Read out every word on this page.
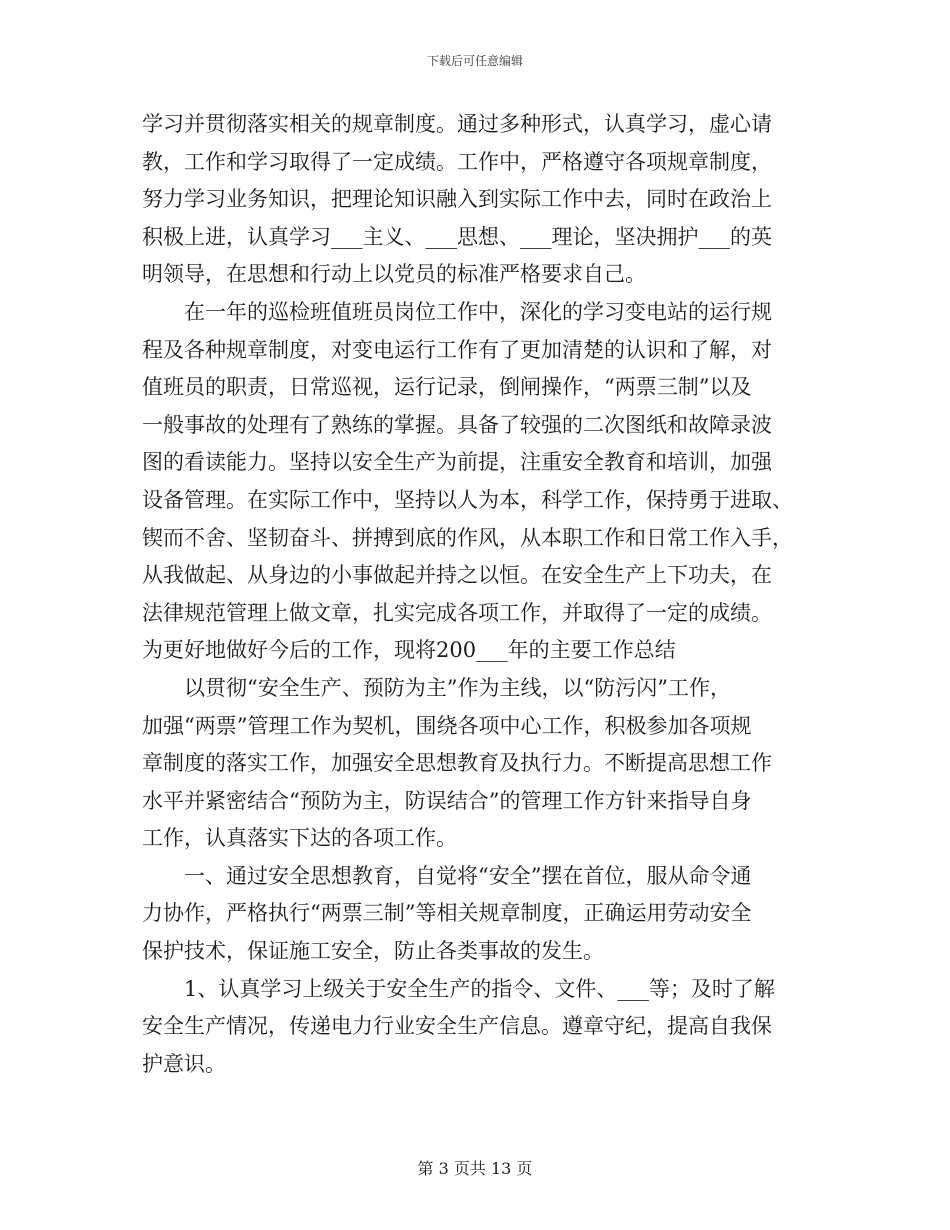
下载后可任意编辑

学习并贯彻落实相关的规章制度。通过多种形式，认真学习，虚心请
教，工作和学习取得了一定成绩。工作中，严格遵守各项规章制度，
努力学习业务知识，把理论知识融入到实际工作中去，同时在政治上
积极上进，认真学习___主义、___思想、___理论，坚决拥护___的英
明领导，在思想和行动上以党员的标准严格要求自己。

在一年的巡检班值班员岗位工作中，深化的学习变电站的运行规
程及各种规章制度，对变电运行工作有了更加清楚的认识和了解，对
值班员的职责，日常巡视，运行记录，倒闸操作，“两票三制”以及
一般事故的处理有了熟练的掌握。具备了较强的二次图纸和故障录波
图的看读能力。坚持以安全生产为前提，注重安全教育和培训，加强
设备管理。在实际工作中，坚持以人为本，科学工作，保持勇于进取、
锲而不舍、坚韧奋斗、拼搏到底的作风，从本职工作和日常工作入手，
从我做起、从身边的小事做起并持之以恒。在安全生产上下功夫，在
法律规范管理上做文章，扎实完成各项工作，并取得了一定的成绩。
为更好地做好今后的工作，现将200___年的主要工作总结

以贯彻“安全生产、预防为主”作为主线，以“防污闪”工作，
加强“两票”管理工作为契机，围绕各项中心工作，积极参加各项规
章制度的落实工作，加强安全思想教育及执行力。不断提高思想工作
水平并紧密结合“预防为主，防误结合”的管理工作方针来指导自身
工作，认真落实下达的各项工作。

一、通过安全思想教育，自觉将“安全”摆在首位，服从命令通
力协作，严格执行“两票三制”等相关规章制度，正确运用劳动安全
保护技术，保证施工安全，防止各类事故的发生。

1、认真学习上级关于安全生产的指令、文件、___等；及时了解
安全生产情况，传递电力行业安全生产信息。遵章守纪，提高自我保
护意识。

第 3 页共 13 页
